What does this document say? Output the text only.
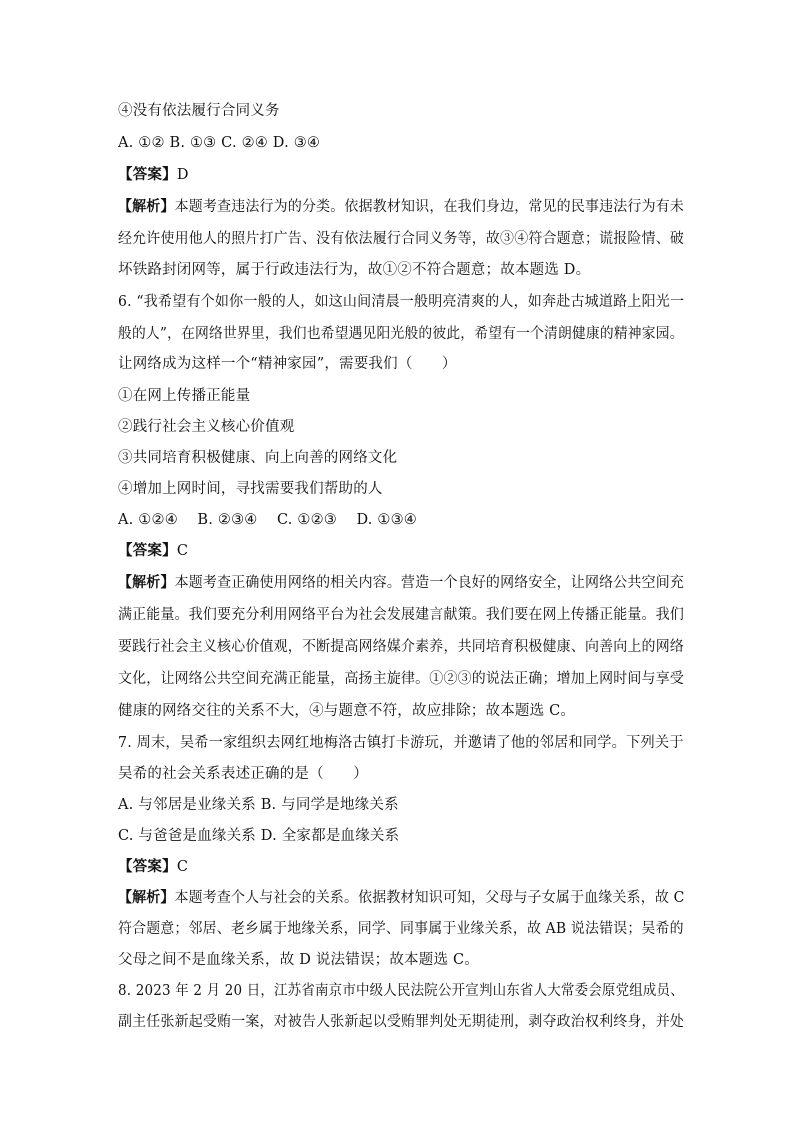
④没有依法履行合同义务
A. ①② B. ①③ C. ②④ D. ③④
【答案】D
【解析】本题考查违法行为的分类。依据教材知识，在我们身边，常见的民事违法行为有未
经允许使用他人的照片打广告、没有依法履行合同义务等，故③④符合题意；谎报险情、破
坏铁路封闭网等，属于行政违法行为，故①②不符合题意；故本题选 D。
6. “我希望有个如你一般的人，如这山间清晨一般明亮清爽的人，如奔赴古城道路上阳光一
般的人”，在网络世界里，我们也希望遇见阳光般的彼此，希望有一个清朗健康的精神家园。
让网络成为这样一个“精神家园”，需要我们（　　）
①在网上传播正能量
②践行社会主义核心价值观
③共同培育积极健康、向上向善的网络文化
④增加上网时间，寻找需要我们帮助的人
A. ①②④　 B. ②③④　 C. ①②③　 D. ①③④
【答案】C
【解析】本题考查正确使用网络的相关内容。营造一个良好的网络安全，让网络公共空间充
满正能量。我们要充分利用网络平台为社会发展建言献策。我们要在网上传播正能量。我们
要践行社会主义核心价值观，不断提高网络媒介素养，共同培育积极健康、向善向上的网络
文化，让网络公共空间充满正能量，高扬主旋律。①②③的说法正确；增加上网时间与享受
健康的网络交往的关系不大，④与题意不符，故应排除；故本题选 C。
7. 周末，吴希一家组织去网红地梅洛古镇打卡游玩，并邀请了他的邻居和同学。下列关于
吴希的社会关系表述正确的是（　　）
A. 与邻居是业缘关系 B. 与同学是地缘关系
C. 与爸爸是血缘关系 D. 全家都是血缘关系
【答案】C
【解析】本题考查个人与社会的关系。依据教材知识可知，父母与子女属于血缘关系，故 C
符合题意；邻居、老乡属于地缘关系，同学、同事属于业缘关系，故 AB 说法错误；吴希的
父母之间不是血缘关系，故 D 说法错误；故本题选 C。
8. 2023 年 2 月 20 日，江苏省南京市中级人民法院公开宣判山东省人大常委会原党组成员、
副主任张新起受贿一案，对被告人张新起以受贿罪判处无期徒刑，剥夺政治权利终身，并处
